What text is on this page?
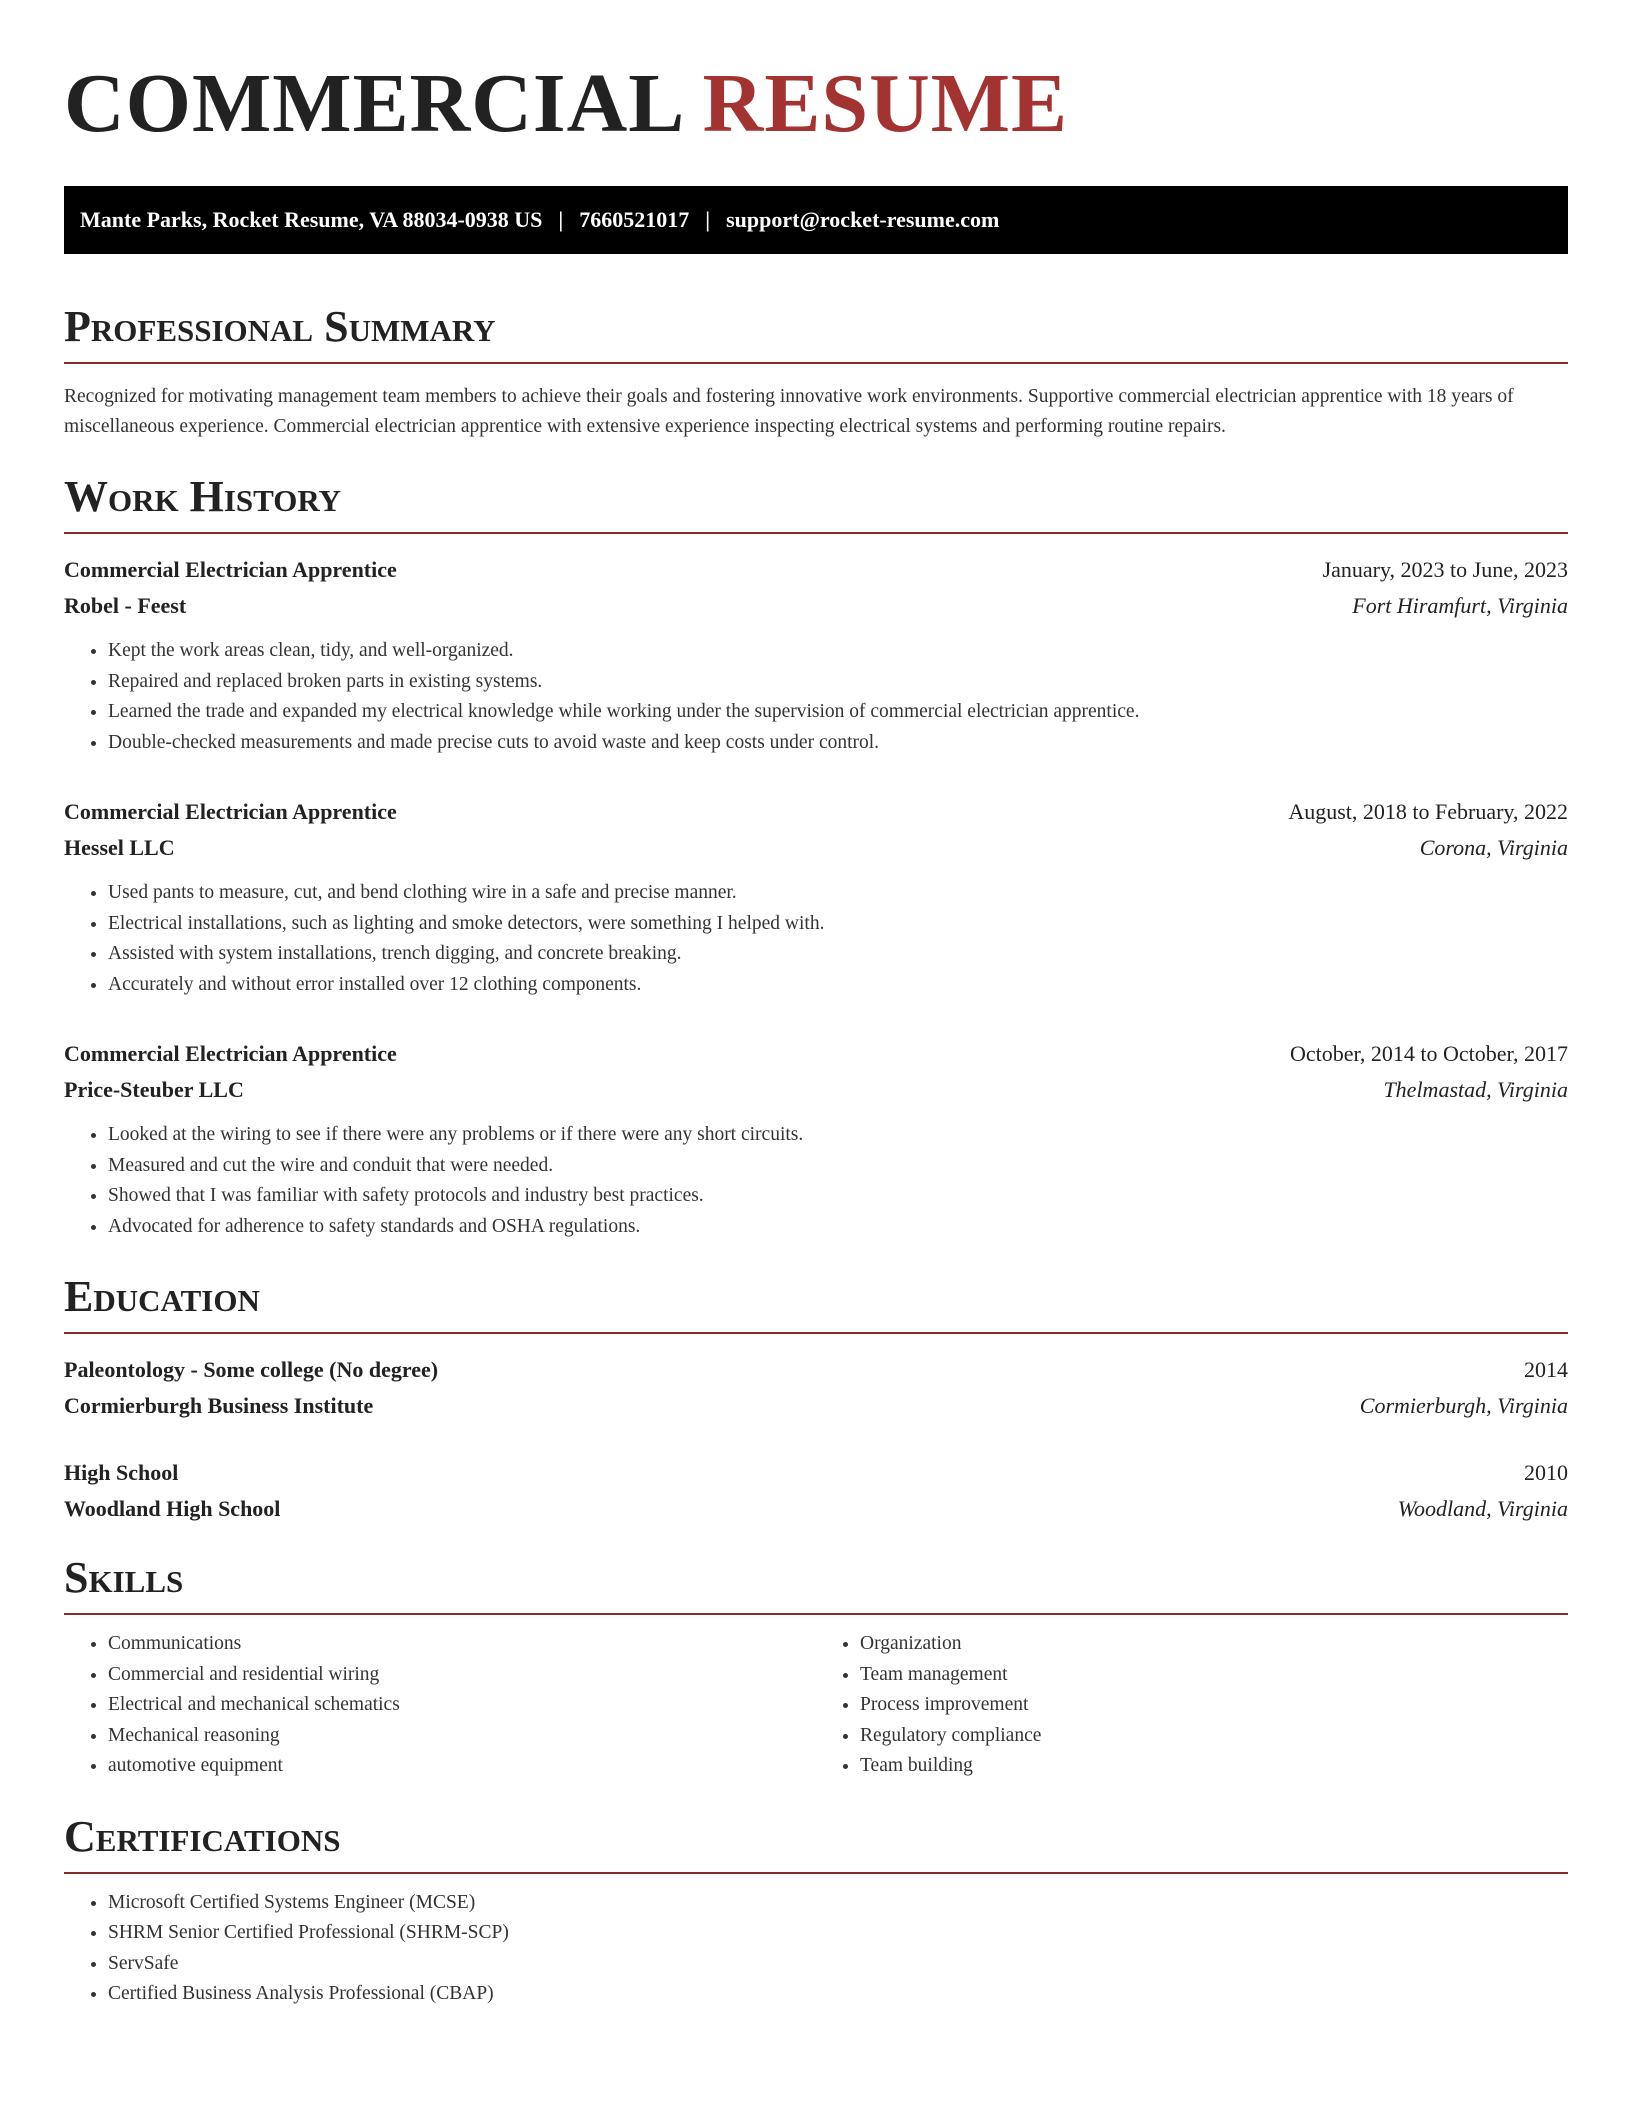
COMMERCIAL RESUME
Mante Parks, Rocket Resume, VA 88034-0938 US | 7660521017 | support@rocket-resume.com
Professional Summary
Recognized for motivating management team members to achieve their goals and fostering innovative work environments. Supportive commercial electrician apprentice with 18 years of miscellaneous experience. Commercial electrician apprentice with extensive experience inspecting electrical systems and performing routine repairs.
Work History
Commercial Electrician Apprentice	January, 2023 to June, 2023
Robel - Feest	Fort Hiramfurt, Virginia
• Kept the work areas clean, tidy, and well-organized.
• Repaired and replaced broken parts in existing systems.
• Learned the trade and expanded my electrical knowledge while working under the supervision of commercial electrician apprentice.
• Double-checked measurements and made precise cuts to avoid waste and keep costs under control.
Commercial Electrician Apprentice	August, 2018 to February, 2022
Hessel LLC	Corona, Virginia
• Used pants to measure, cut, and bend clothing wire in a safe and precise manner.
• Electrical installations, such as lighting and smoke detectors, were something I helped with.
• Assisted with system installations, trench digging, and concrete breaking.
• Accurately and without error installed over 12 clothing components.
Commercial Electrician Apprentice	October, 2014 to October, 2017
Price-Steuber LLC	Thelmastad, Virginia
• Looked at the wiring to see if there were any problems or if there were any short circuits.
• Measured and cut the wire and conduit that were needed.
• Showed that I was familiar with safety protocols and industry best practices.
• Advocated for adherence to safety standards and OSHA regulations.
Education
Paleontology - Some college (No degree)	2014
Cormierburgh Business Institute	Cormierburgh, Virginia
High School	2010
Woodland High School	Woodland, Virginia
Skills
• Communications
• Commercial and residential wiring
• Electrical and mechanical schematics
• Mechanical reasoning
• automotive equipment
• Organization
• Team management
• Process improvement
• Regulatory compliance
• Team building
Certifications
• Microsoft Certified Systems Engineer (MCSE)
• SHRM Senior Certified Professional (SHRM-SCP)
• ServSafe
• Certified Business Analysis Professional (CBAP)
